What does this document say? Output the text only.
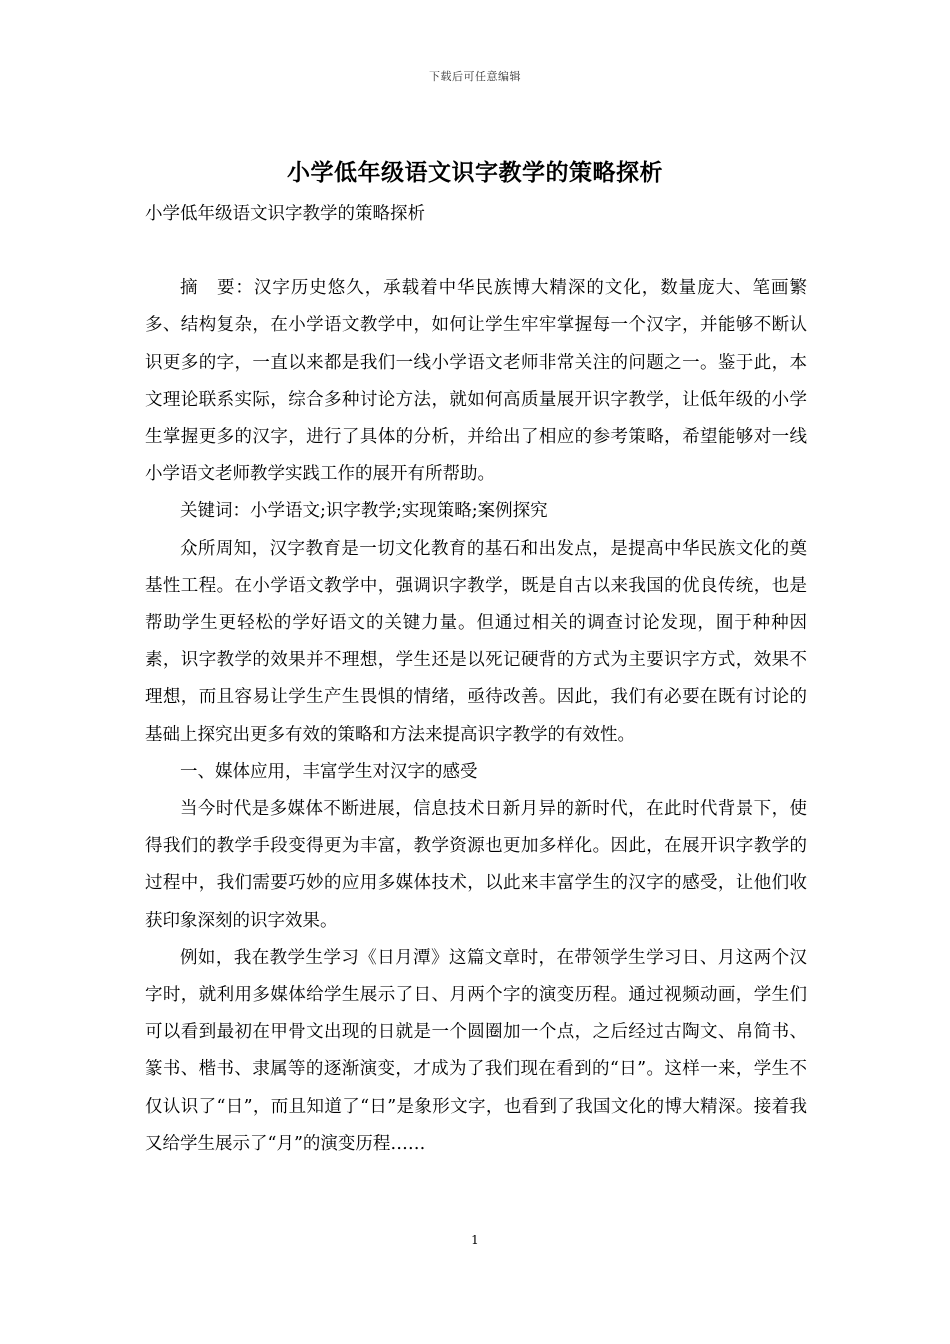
下载后可任意编辑
小学低年级语文识字教学的策略探析

小学低年级语文识字教学的策略探析

摘　要：汉字历史悠久，承载着中华民族博大精深的文化，数量庞大、笔画繁多、结构复杂，在小学语文教学中，如何让学生牢牢掌握每一个汉字，并能够不断认识更多的字，一直以来都是我们一线小学语文老师非常关注的问题之一。鉴于此，本文理论联系实际，综合多种讨论方法，就如何高质量展开识字教学，让低年级的小学生掌握更多的汉字，进行了具体的分析，并给出了相应的参考策略，希望能够对一线小学语文老师教学实践工作的展开有所帮助。

关键词：小学语文;识字教学;实现策略;案例探究

众所周知，汉字教育是一切文化教育的基石和出发点，是提高中华民族文化的奠基性工程。在小学语文教学中，强调识字教学，既是自古以来我国的优良传统，也是帮助学生更轻松的学好语文的关键力量。但通过相关的调查讨论发现，囿于种种因素，识字教学的效果并不理想，学生还是以死记硬背的方式为主要识字方式，效果不理想，而且容易让学生产生畏惧的情绪，亟待改善。因此，我们有必要在既有讨论的基础上探究出更多有效的策略和方法来提高识字教学的有效性。

一、媒体应用，丰富学生对汉字的感受

当今时代是多媒体不断进展，信息技术日新月异的新时代，在此时代背景下，使得我们的教学手段变得更为丰富，教学资源也更加多样化。因此，在展开识字教学的过程中，我们需要巧妙的应用多媒体技术，以此来丰富学生的汉字的感受，让他们收获印象深刻的识字效果。

例如，我在教学生学习《日月潭》这篇文章时，在带领学生学习日、月这两个汉字时，就利用多媒体给学生展示了日、月两个字的演变历程。通过视频动画，学生们可以看到最初在甲骨文出现的日就是一个圆圈加一个点，之后经过古陶文、帛简书、篆书、楷书、隶属等的逐渐演变，才成为了我们现在看到的“日”。这样一来，学生不仅认识了“日”，而且知道了“日”是象形文字，也看到了我国文化的博大精深。接着我又给学生展示了“月”的演变历程……

1
